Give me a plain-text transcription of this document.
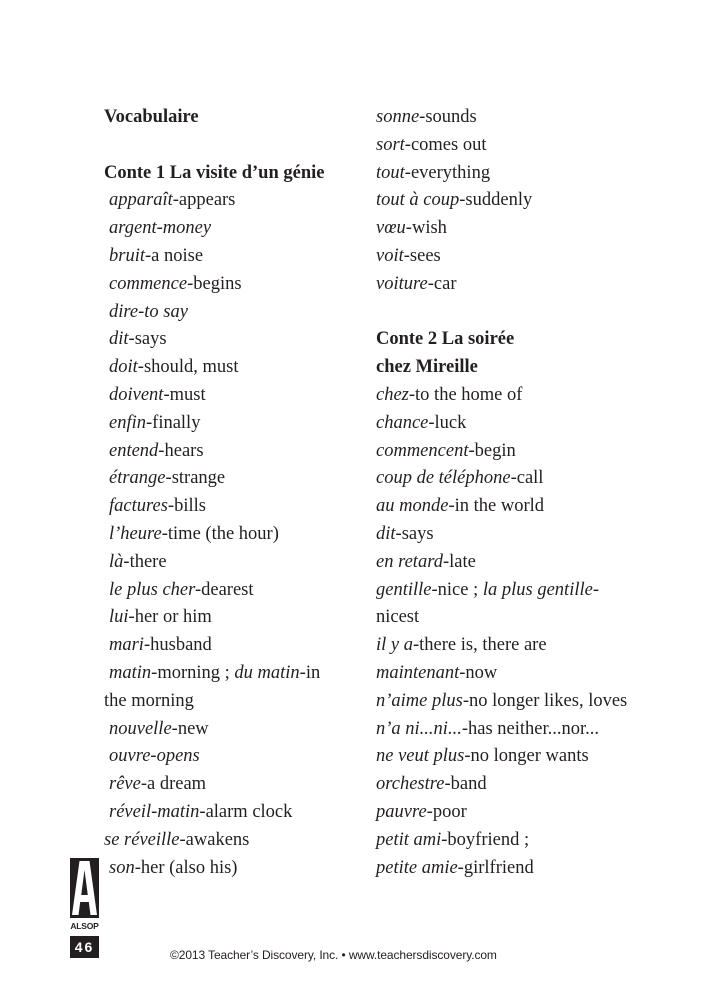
Vocabulaire
Conte 1 La visite d’un génie
apparaît-appears
argent-money
bruit-a noise
commence-begins
dire-to say
dit-says
doit-should, must
doivent-must
enfin-finally
entend-hears
étrange-strange
factures-bills
l’heure-time (the hour)
là-there
le plus cher-dearest
lui-her or him
mari-husband
matin-morning ; du matin-in
the morning
nouvelle-new
ouvre-opens
rêve-a dream
réveil-matin-alarm clock
se réveille-awakens
son-her (also his)
sonne-sounds
sort-comes out
tout-everything
tout à coup-suddenly
vœu-wish
voit-sees
voiture-car
Conte 2 La soirée
chez Mireille
chez-to the home of
chance-luck
commencent-begin
coup de téléphone-call
au monde-in the world
dit-says
en retard-late
gentille-nice ; la plus gentille-
nicest
il y a-there is, there are
maintenant-now
n’aime plus-no longer likes, loves
n’a ni...ni...-has neither...nor...
ne veut plus-no longer wants
orchestre-band
pauvre-poor
petit ami-boyfriend ;
petite amie-girlfriend
ALSOP
46	©2013 Teacher’s Discovery, Inc. • www.teachersdiscovery.com
